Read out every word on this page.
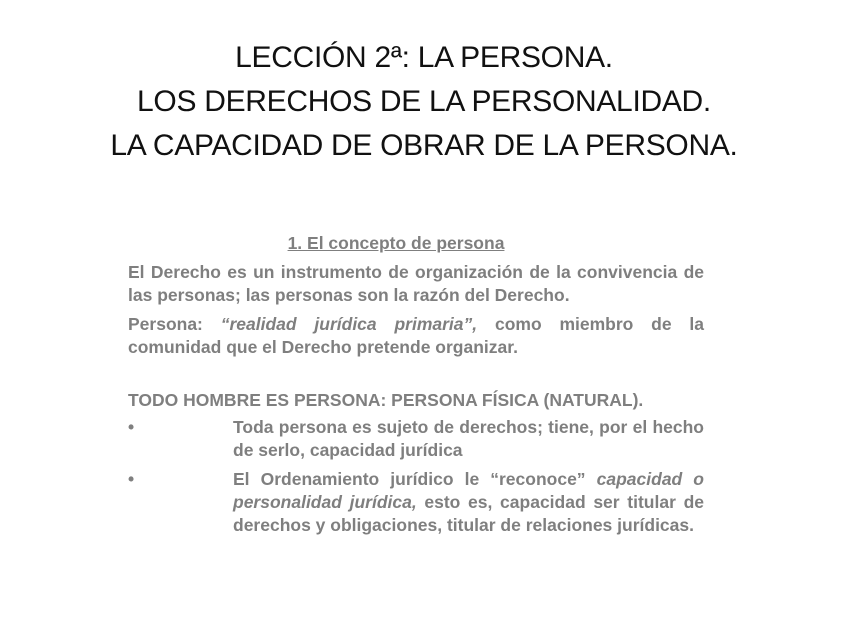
LECCIÓN 2ª: LA PERSONA.
LOS DERECHOS DE LA PERSONALIDAD.
LA CAPACIDAD DE OBRAR DE LA PERSONA.
1. El concepto de persona
El Derecho es un instrumento de organización de la convivencia de las personas; las personas son la razón del Derecho.
Persona: “realidad jurídica primaria”, como miembro de la comunidad que el Derecho pretende organizar.
TODO HOMBRE ES PERSONA: PERSONA FÍSICA (NATURAL).
•	Toda persona es sujeto de derechos; tiene, por el hecho de serlo, capacidad jurídica
•	El Ordenamiento jurídico le “reconoce” capacidad o personalidad jurídica, esto es, capacidad ser titular de derechos y obligaciones, titular de relaciones jurídicas.
